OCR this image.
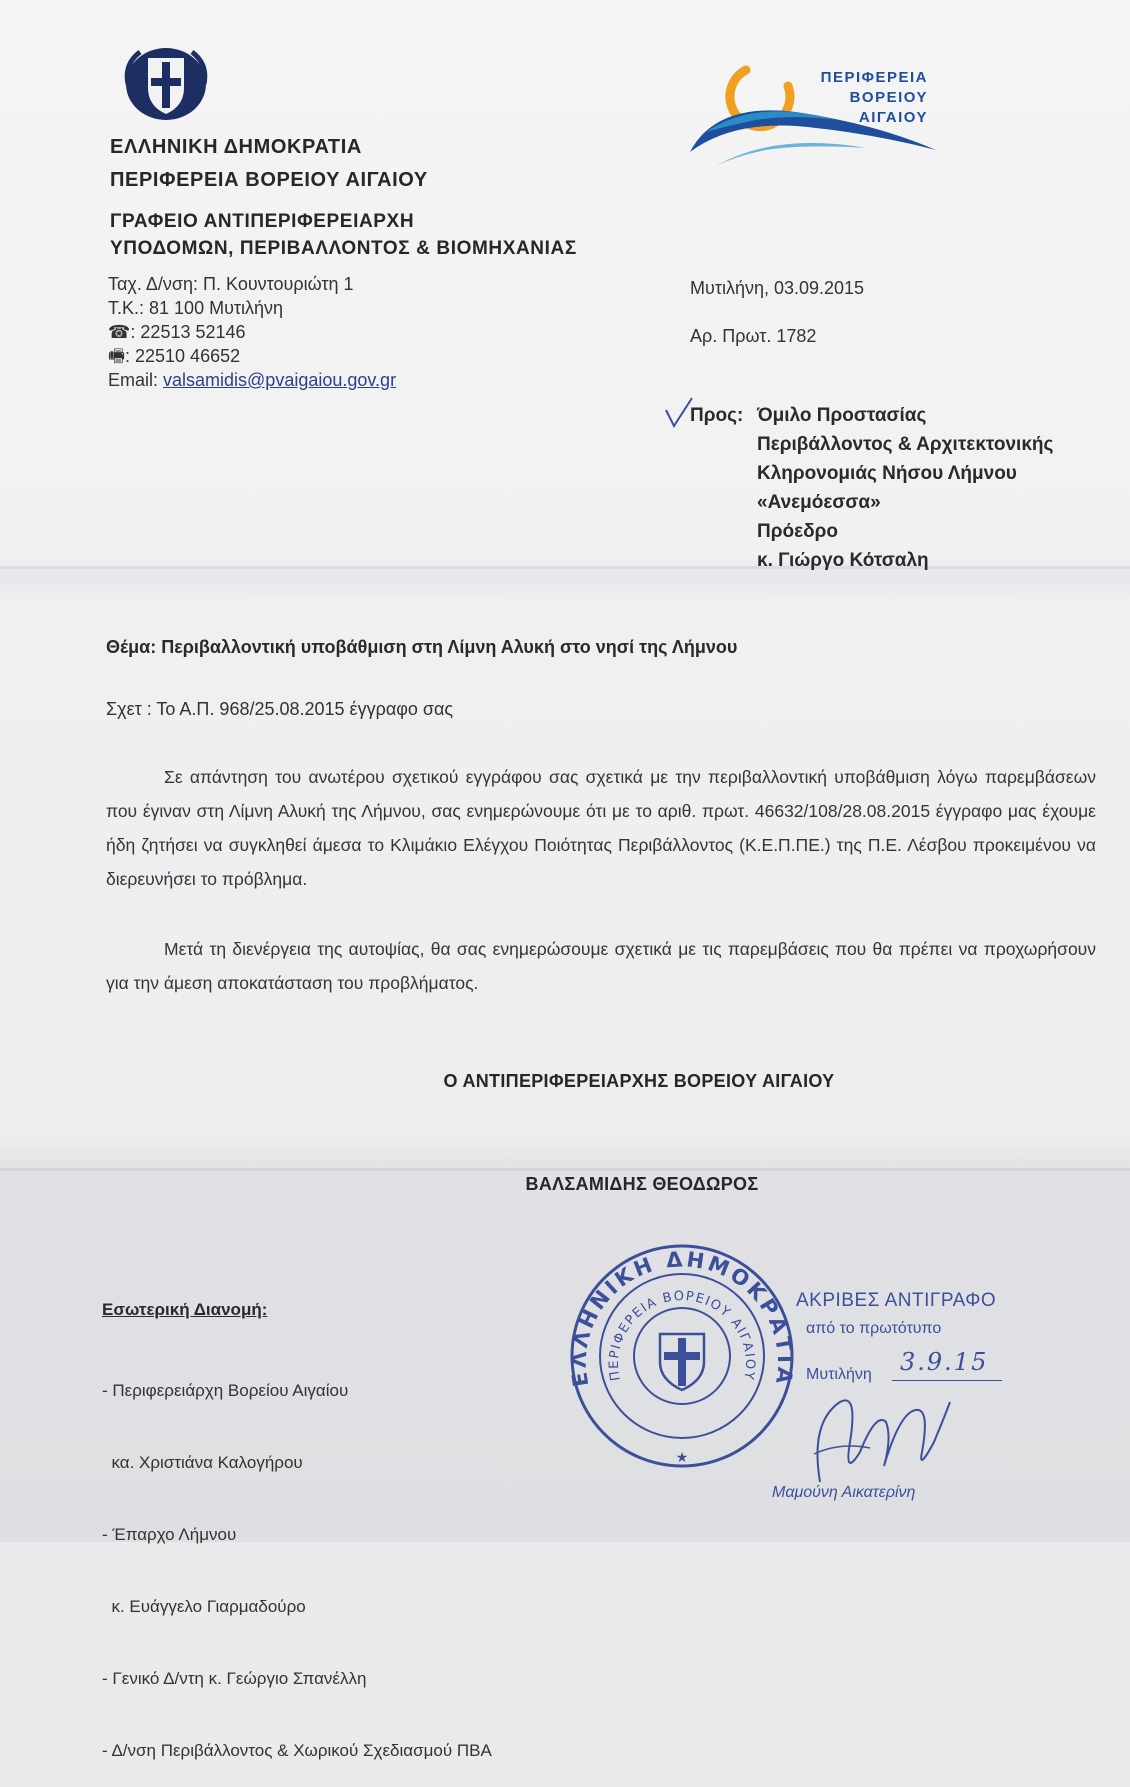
ΕΛΛΗΝΙΚΗ ΔΗΜΟΚΡΑΤΙΑ
ΠΕΡΙΦΕΡΕΙΑ ΒΟΡΕΙΟΥ ΑΙΓΑΙΟΥ
ΓΡΑΦΕΙΟ ΑΝΤΙΠΕΡΙΦΕΡΕΙΑΡΧΗ
ΥΠΟΔΟΜΩΝ, ΠΕΡΙΒΑΛΛΟΝΤΟΣ & ΒΙΟΜΗΧΑΝΙΑΣ
Ταχ. Δ/νση: Π. Κουντουριώτη 1
Τ.Κ.: 81 100 Μυτιλήνη
☎: 22513 52146
🖷: 22510 46652
Email: valsamidis@pvaigaiou.gov.gr
ΠΕΡΙΦΕΡΕΙΑ
ΒΟΡΕΙΟΥ
ΑΙΓΑΙΟΥ
Μυτιλήνη, 03.09.2015
Αρ. Πρωτ. 1782
Προς: Όμιλο Προστασίας
Περιβάλλοντος & Αρχιτεκτονικής
Κληρονομιάς Νήσου Λήμνου
«Ανεμόεσσα»
Πρόεδρο
κ. Γιώργο Κότσαλη
Θέμα: Περιβαλλοντική υποβάθμιση στη Λίμνη Αλυκή στο νησί της Λήμνου
Σχετ : Το Α.Π. 968/25.08.2015 έγγραφο σας
Σε απάντηση του ανωτέρου σχετικού εγγράφου σας σχετικά με την περιβαλλοντική υποβάθμιση λόγω παρεμβάσεων που έγιναν στη Λίμνη Αλυκή της Λήμνου, σας ενημερώνουμε ότι με το αριθ. πρωτ. 46632/108/28.08.2015 έγγραφο μας έχουμε ήδη ζητήσει να συγκληθεί άμεσα το Κλιμάκιο Ελέγχου Ποιότητας Περιβάλλοντος (Κ.Ε.Π.ΠΕ.) της Π.Ε. Λέσβου προκειμένου να διερευνήσει το πρόβλημα.
Μετά τη διενέργεια της αυτοψίας, θα σας ενημερώσουμε σχετικά με τις παρεμβάσεις που θα πρέπει να προχωρήσουν για την άμεση αποκατάσταση του προβλήματος.
Ο ΑΝΤΙΠΕΡΙΦΕΡΕΙΑΡΧΗΣ ΒΟΡΕΙΟΥ ΑΙΓΑΙΟΥ
ΒΑΛΣΑΜΙΔΗΣ ΘΕΟΔΩΡΟΣ
Εσωτερική Διανομή:

- Περιφερειάρχη Βορείου Αιγαίου

κα. Χριστιάνα Καλογήρου

- Έπαρχο Λήμνου

κ. Ευάγγελο Γιαρμαδούρο

- Γενικό Δ/ντη κ. Γεώργιο Σπανέλλη

- Δ/νση Περιβάλλοντος & Χωρικού Σχεδιασμού ΠΒΑ

ΕΛΛΗΝΙΚΗ ΔΗΜΟΚΡΑΤΙΑ
ΠΕΡΙΦΕΡΕΙΑ ΒΟΡΕΙΟΥ ΑΙΓΑΙΟΥ
★
ΑΚΡΙΒΕΣ ΑΝΤΙΓΡΑΦΟ
από το πρωτότυπο
Μυτιλήνη 3.9.15
Μαμούνη Αικατερίνη
